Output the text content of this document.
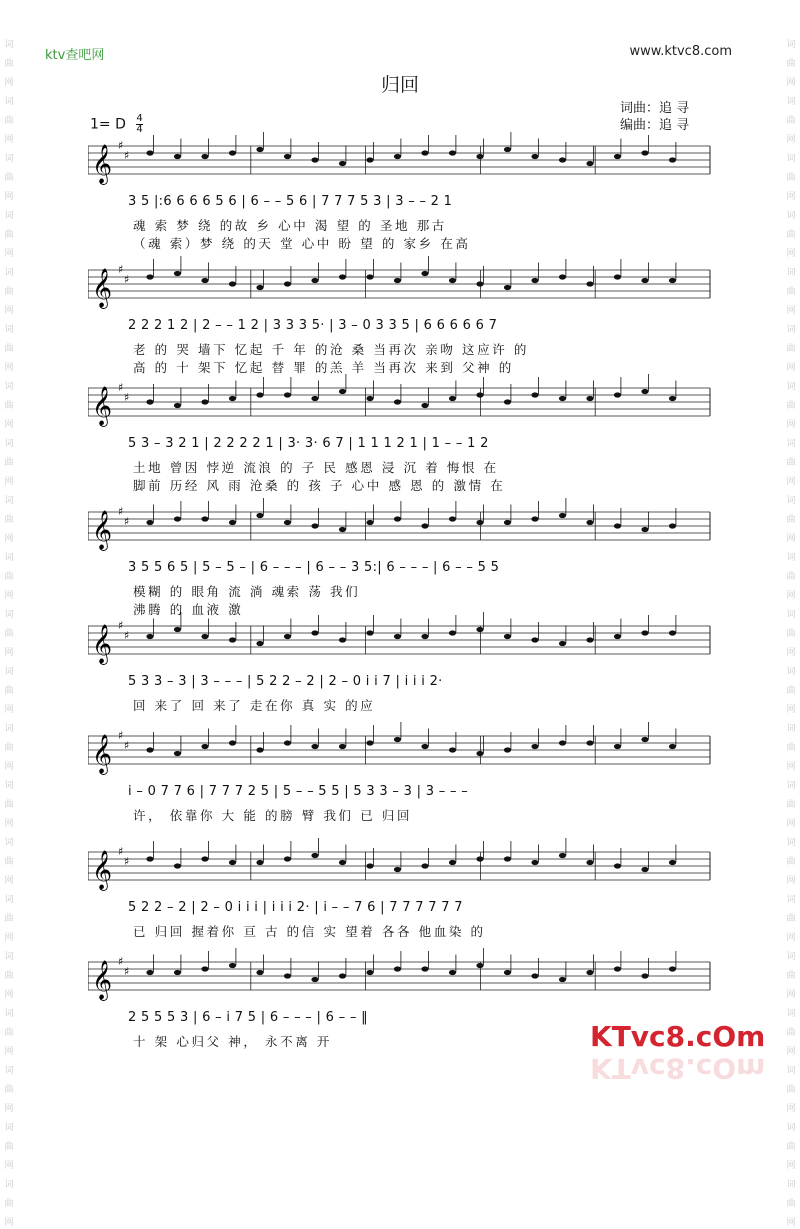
词
曲
网
词
曲
网
词
曲
网
词
曲
网
词
曲
网
词
曲
网
词
曲
网
词
曲
网
词
曲
网
词
曲
网
词
曲
网
词
曲
网
词
曲
网
词
曲
网
词
曲
网
词
曲
网
词
曲
网
词
曲
网
词
曲
网
词
曲
网
词
曲
网
词
曲
网
词
曲
网
词
曲
网
词
曲
网
词
曲
网
词
曲
网
词
曲
网
词
曲
网
词
曲
网
词
曲
网
词
曲
网
词
曲
网
词
曲
网
词
曲
网
词
曲
网
词
曲
网
词
曲
网
词
曲
网
词
曲
网
词
曲
网
词
曲
网
ktv查吧网	www.ktvc8.com
归回
词曲：追 寻
编曲：追 寻
1= D $\frac{4}{4}$
𝄞 ♯
♯
3 5 |:6 6 6 6 5 6 | 6 – – 5 6 | 7 7 7 5 3 | 3 – – 2 1
魂 索 梦 绕 的故 乡 心中 渴 望 的 圣地 那古
（魂 索）梦 绕 的天 堂 心中 盼 望 的 家乡 在高
𝄞 ♯
♯
2 2 2 1 2 | 2 – – 1 2 | 3 3 3 5· | 3 – 0 3 3 5 | 6 6 6 6 6 7
老 的 哭 墙下 忆起 千 年 的沧 桑 当再次 亲吻 这应许 的
高 的 十 架下 忆起 替 罪 的羔 羊 当再次 来到 父神 的
𝄞 ♯
♯
5 3 – 3 2 1 | 2 2 2 2 1 | 3· 3· 6 7 | 1 1 1 2 1 | 1 – – 1 2
土地 曾因 悖逆 流浪 的 子 民 感恩 浸 沉 着 悔恨 在
脚前 历经 风 雨 沧桑 的 孩 子 心中 感 恩 的 激情 在
𝄞 ♯
♯
3 5 5 6 5 | 5 – 5 – | 6 – – – | 6 – – 3 5:| 6 – – – | 6 – – 5 5
模糊 的 眼角 流 淌 魂索 荡 我们
沸腾 的 血液 激
𝄞 ♯
♯
5 3 3 – 3 | 3 – – – | 5 2 2 – 2 | 2 – 0 i i 7 | i i i 2·
回 来了 回 来了 走在你 真 实 的应
𝄞 ♯
♯
i – 0 7 7 6 | 7 7 7 2 5 | 5 – – 5 5 | 5 3 3 – 3 | 3 – – –
许， 依靠你 大 能 的膀 臂 我们 已 归回
𝄞 ♯
♯
5 2 2 – 2 | 2 – 0 i i i | i i i 2· | i – – 7 6 | 7 7 7 7 7 7
已 归回 握着你 亘 古 的信 实 望着 各各 他血染 的
𝄞 ♯
♯
2 5 5 5 3 | 6 – i 7 5 | 6 – – – | 6 – – ‖
十 架 心归父 神， 永不离 开	KTvc8.cOm
KTvc8.cOm
